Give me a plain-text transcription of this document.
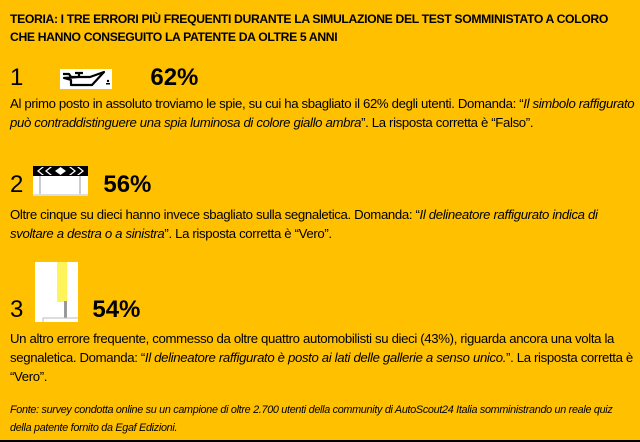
TEORIA: I TRE ERRORI PIÙ FREQUENTI DURANTE LA SIMULAZIONE DEL TEST SOMMINISTATO A COLORO CHE HANNO CONSEGUITO LA PATENTE DA OLTRE 5 ANNI
1	62%
Al primo posto in assoluto troviamo le spie, su cui ha sbagliato il 62% degli utenti. Domanda: “Il simbolo raffigurato può contraddistinguere una spia luminosa di colore giallo ambra”. La risposta corretta è “Falso”.
2	56%
Oltre cinque su dieci hanno invece sbagliato sulla segnaletica. Domanda: “Il delineatore raffigurato indica di svoltare a destra o a sinistra”. La risposta corretta è “Vero”.
3	54%
Un altro errore frequente, commesso da oltre quattro automobilisti su dieci (43%), riguarda ancora una volta la segnaletica. Domanda: “Il delineatore raffigurato è posto ai lati delle gallerie a senso unico.”. La risposta corretta è “Vero”.
Fonte: survey condotta online su un campione di oltre 2.700 utenti della community di AutoScout24 Italia somministrando un reale quiz della patente fornito da Egaf Edizioni.
